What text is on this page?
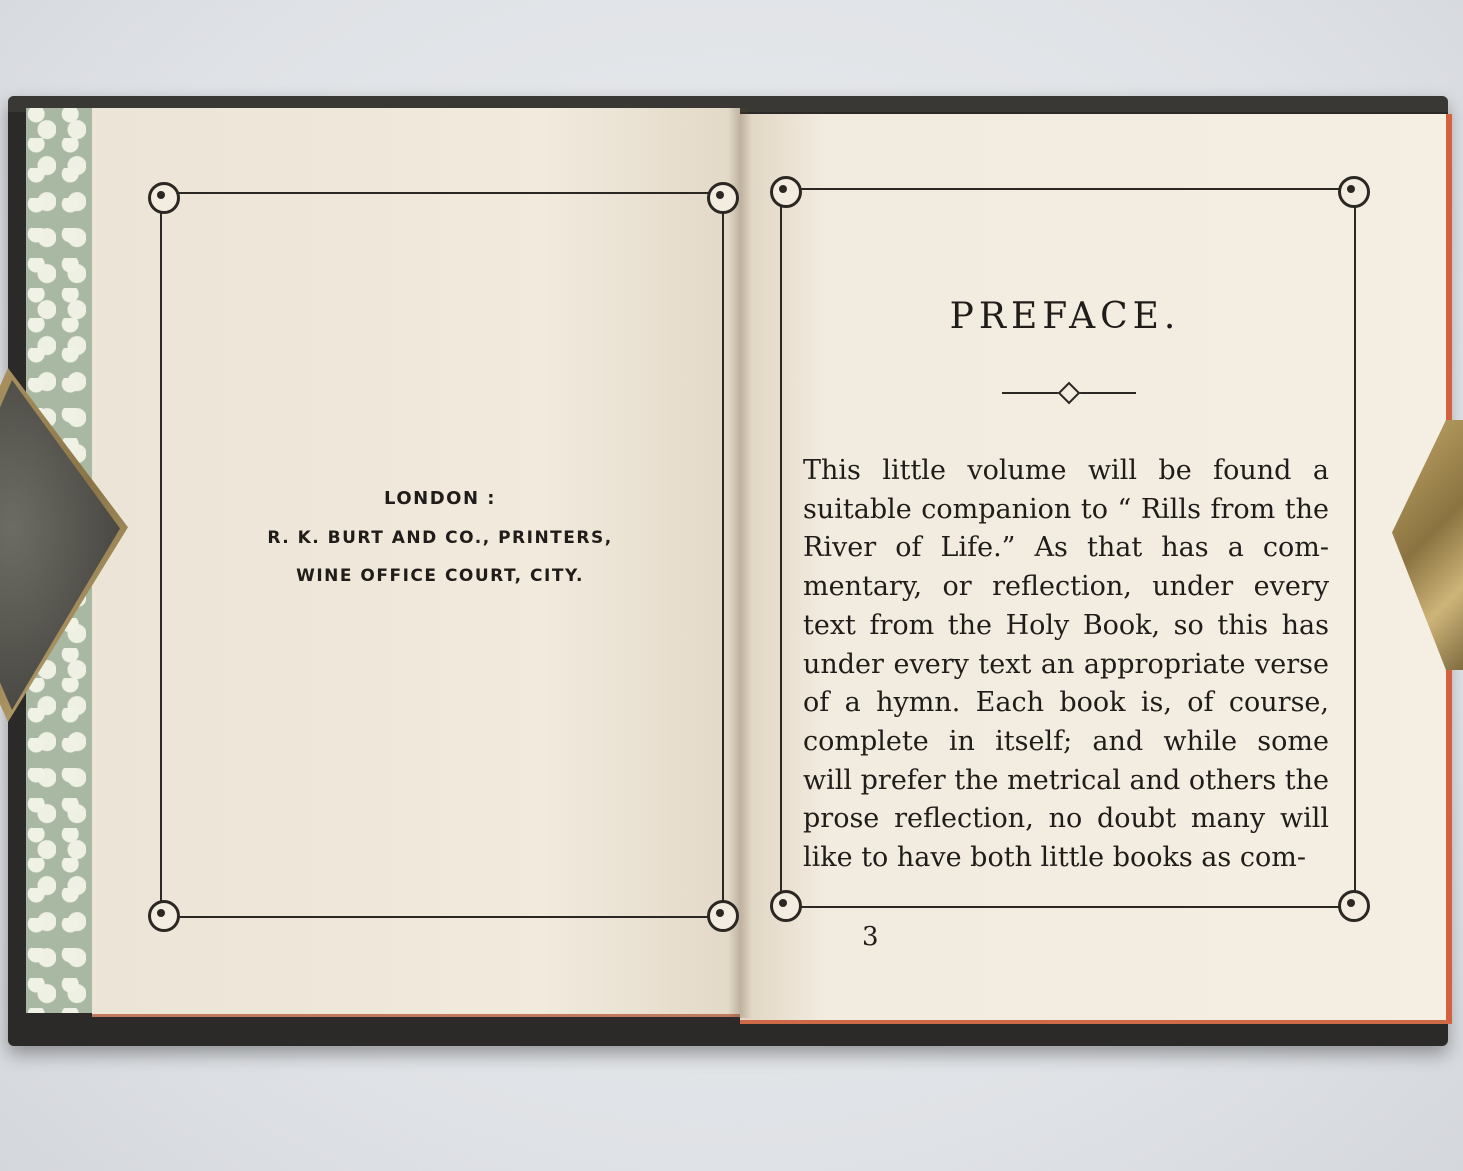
LONDON :
R. K. BURT AND CO., PRINTERS,
WINE OFFICE COURT, CITY.
PREFACE.
This little volume will be found a
suitable companion to “ Rills from the
River of Life.” As that has a com-
mentary, or reflection, under every
text from the Holy Book, so this has
under every text an appropriate verse
of a hymn. Each book is, of course,
complete in itself; and while some
will prefer the metrical and others the
prose reflection, no doubt many will
like to have both little books as com-
3
